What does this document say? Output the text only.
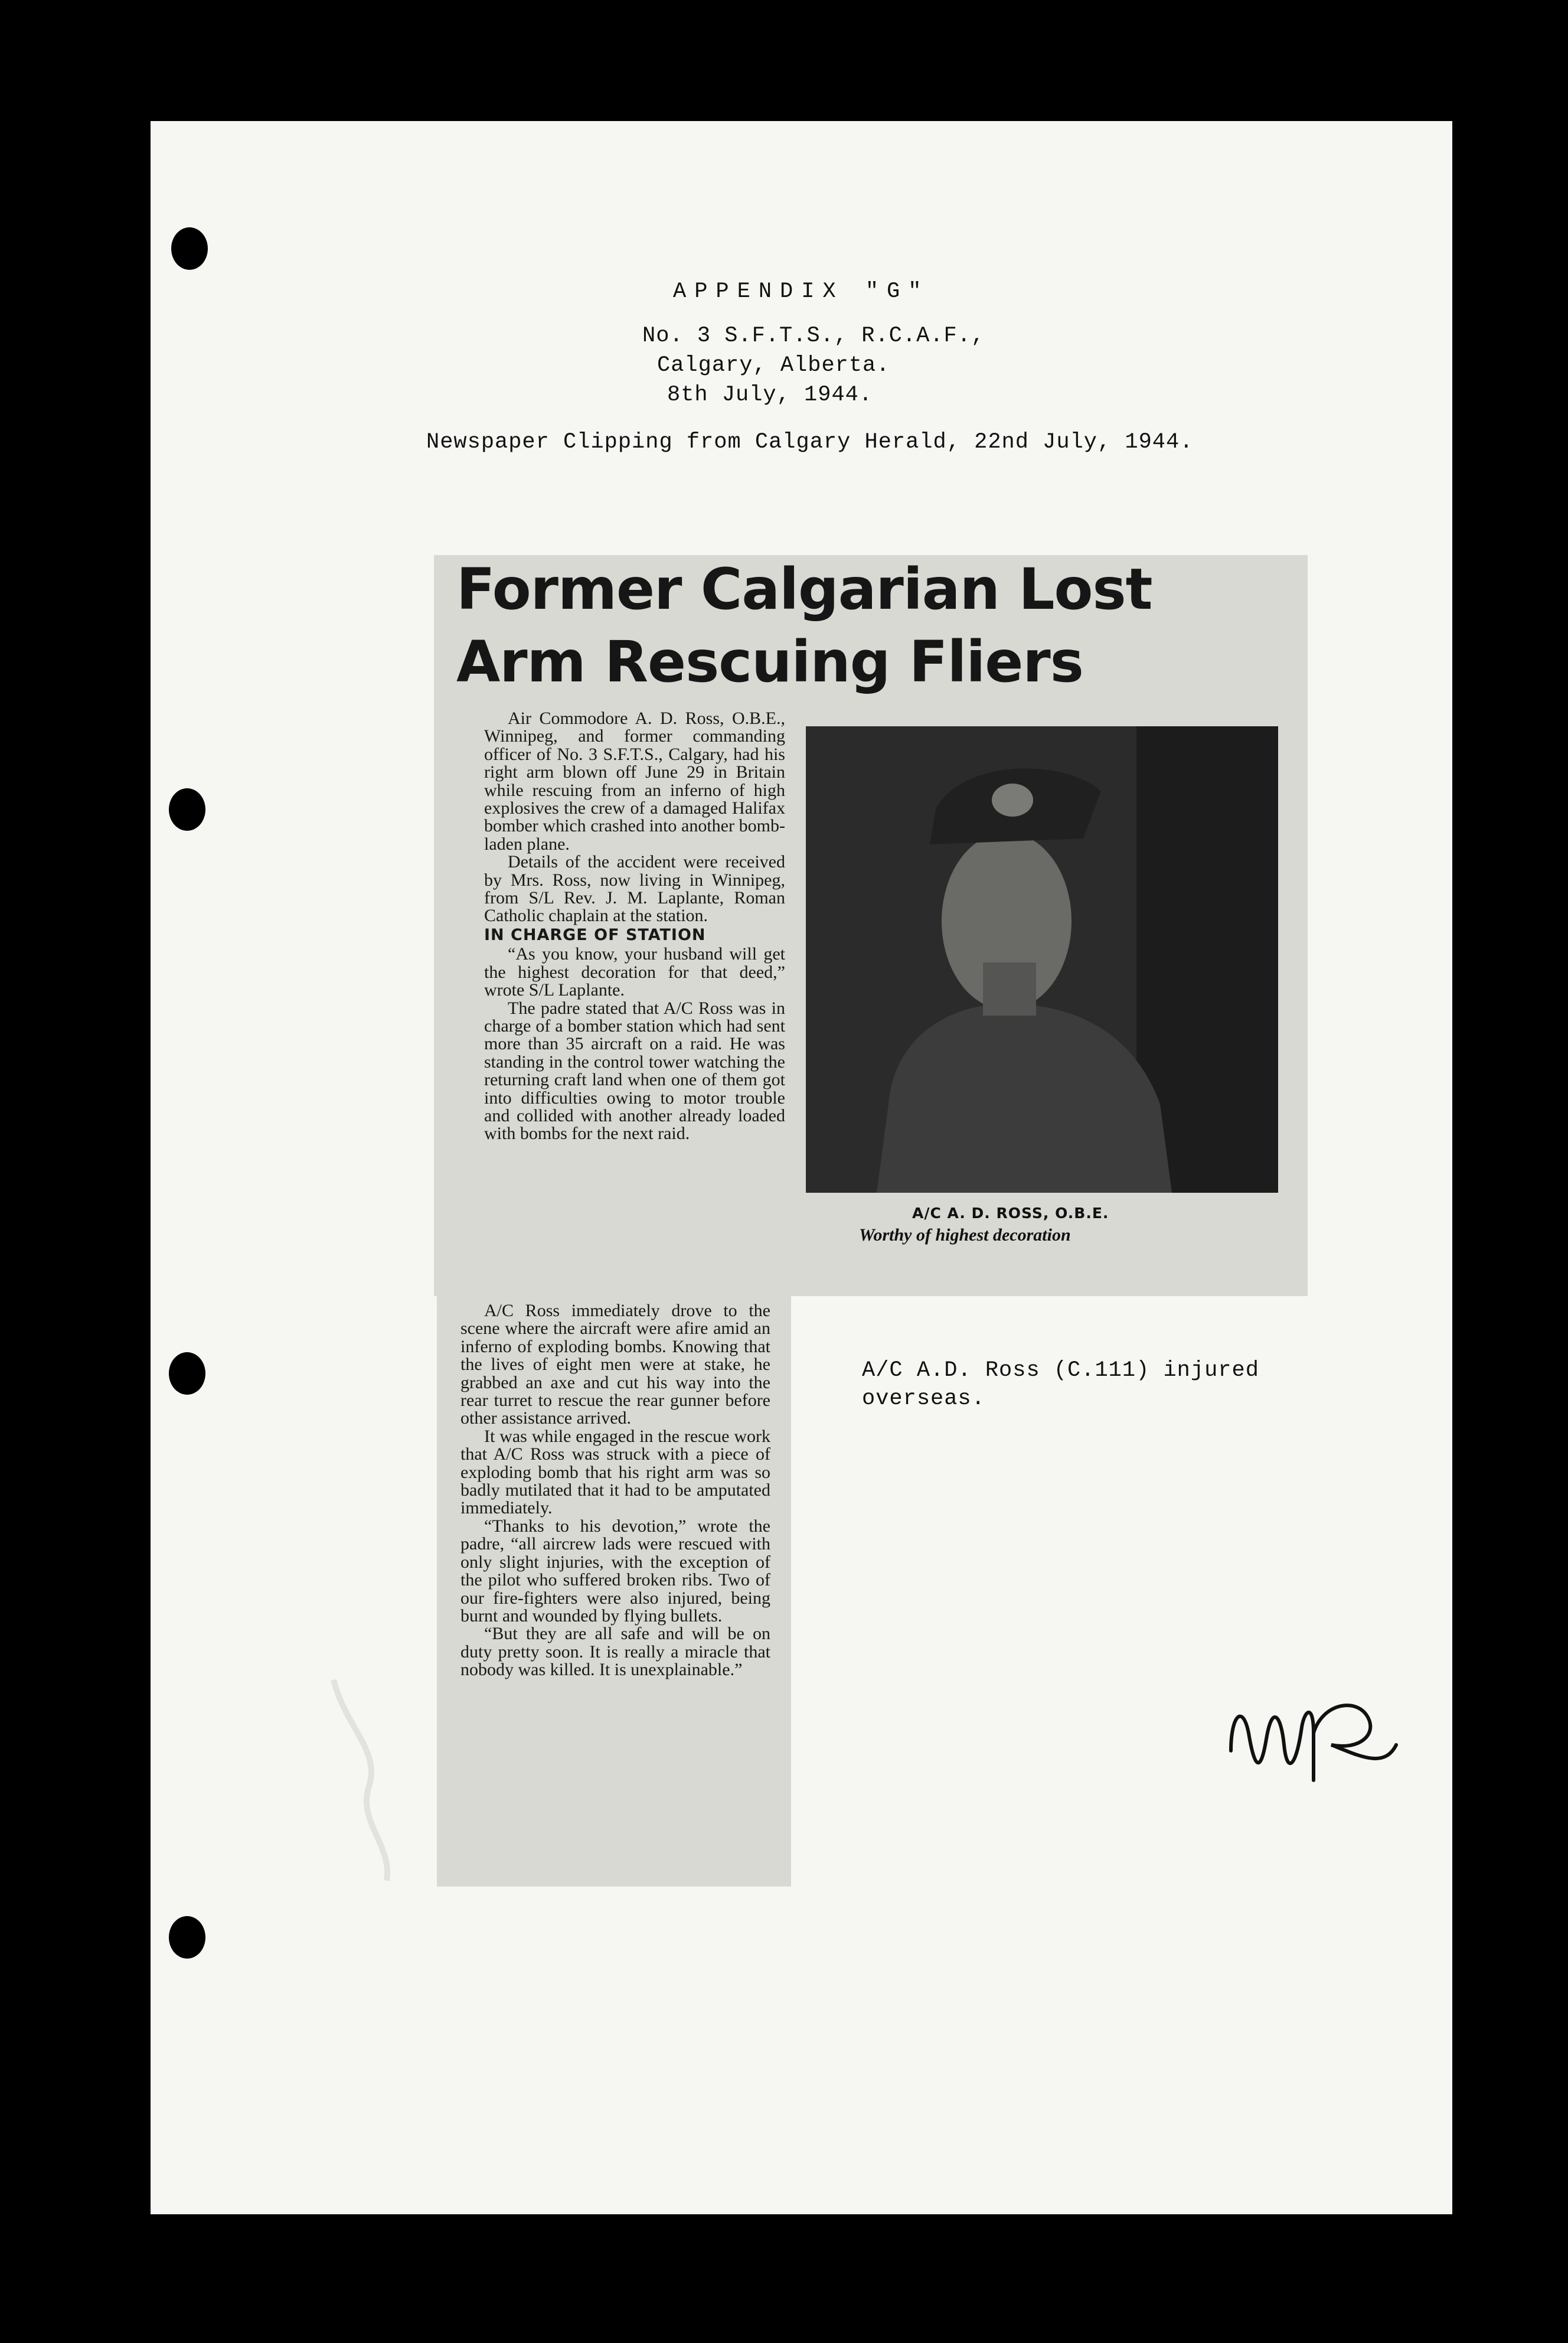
APPENDIX "G"
No. 3 S.F.T.S., R.C.A.F.,
Calgary, Alberta.
8th July, 1944.
Newspaper Clipping from Calgary Herald, 22nd July, 1944.
Former Calgarian Lost
Arm Rescuing Fliers

Air Commodore A. D. Ross, O.B.E., Winnipeg, and former commanding officer of No. 3 S.F.T.S., Calgary, had his right arm blown off June 29 in Britain while rescuing from an inferno of high explosives the crew of a damaged Halifax bomber which crashed into another bomb-laden plane.

Details of the accident were received by Mrs. Ross, now living in Winnipeg, from S/L Rev. J. M. Laplante, Roman Catholic chaplain at the station.

IN CHARGE OF STATION

“As you know, your husband will get the highest decoration for that deed,” wrote S/L Laplante.

The padre stated that A/C Ross was in charge of a bomber station which had sent more than 35 aircraft on a raid. He was standing in the control tower watching the returning craft land when one of them got into difficulties owing to motor trouble and collided with another already loaded with bombs for the next raid.

A/C A. D. ROSS, O.B.E.
Worthy of highest decoration

A/C Ross immediately drove to the scene where the aircraft were afire amid an inferno of exploding bombs. Knowing that the lives of eight men were at stake, he grabbed an axe and cut his way into the rear turret to rescue the rear gunner before other assistance arrived.

It was while engaged in the rescue work that A/C Ross was struck with a piece of exploding bomb that his right arm was so badly mutilated that it had to be amputated immediately.

“Thanks to his devotion,” wrote the padre, “all aircrew lads were rescued with only slight injuries, with the exception of the pilot who suffered broken ribs. Two of our fire-fighters were also injured, being burnt and wounded by flying bullets.

“But they are all safe and will be on duty pretty soon. It is really a miracle that nobody was killed. It is unexplainable.”

A/C A.D. Ross (C.111) injured
overseas.
